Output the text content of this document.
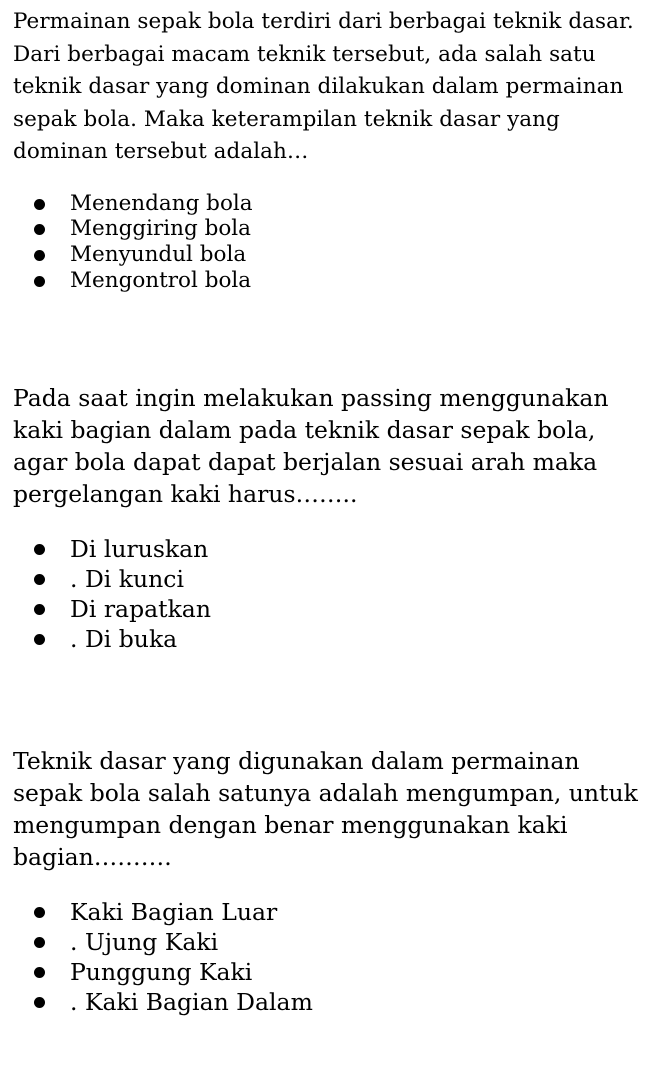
Permainan sepak bola terdiri dari berbagai teknik dasar. Dari berbagai macam teknik tersebut, ada salah satu teknik dasar yang dominan dilakukan dalam permainan sepak bola. Maka keterampilan teknik dasar yang dominan tersebut adalah…

Menendang bola
Menggiring bola
Menyundul bola
Mengontrol bola

Pada saat ingin melakukan passing menggunakan kaki bagian dalam pada teknik dasar sepak bola, agar bola dapat dapat berjalan sesuai arah maka pergelangan kaki harus……..

Di luruskan
. Di kunci
Di rapatkan
. Di buka

Teknik dasar yang digunakan dalam permainan sepak bola salah satunya adalah mengumpan, untuk mengumpan dengan benar menggunakan kaki bagian……….

Kaki Bagian Luar
. Ujung Kaki
Punggung Kaki
. Kaki Bagian Dalam
